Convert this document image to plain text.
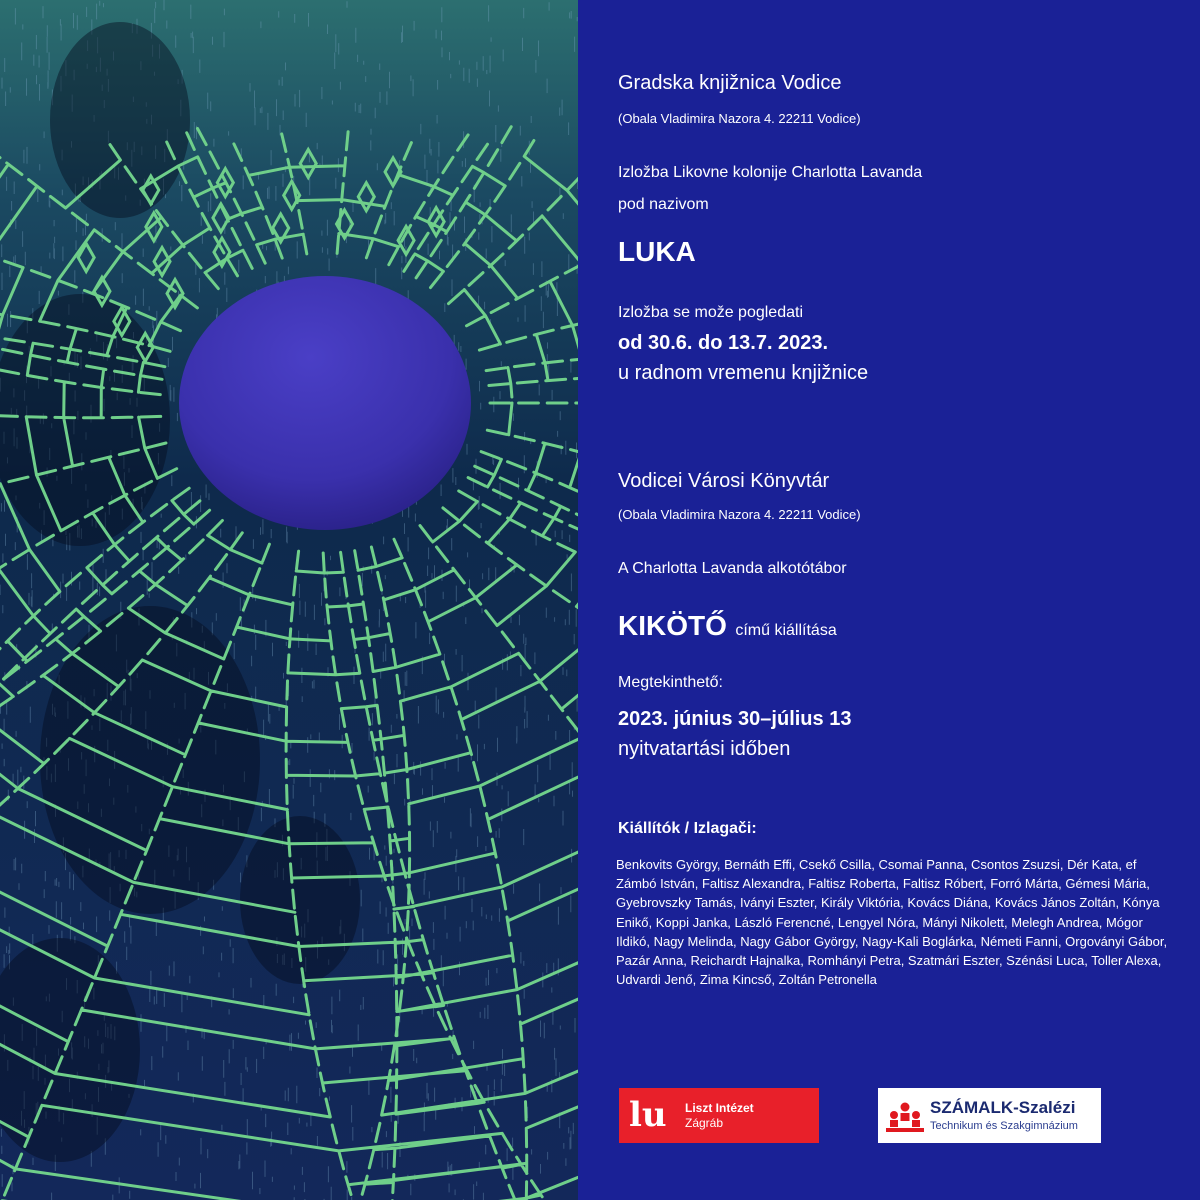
Gradska knjižnica Vodice
(Obala Vladimira Nazora 4. 22211 Vodice)
Izložba Likovne kolonije Charlotta Lavanda
pod nazivom
LUKA
Izložba se može pogledati
od 30.6. do 13.7. 2023.
u radnom vremenu knjižnice
Vodicei Városi Könyvtár
(Obala Vladimira Nazora 4. 22211 Vodice)
A Charlotta Lavanda alkotótábor
KIKÖTŐ című kiállítása
Megtekinthető:
2023. június 30–július 13
nyitvatartási időben
Kiállítók / Izlagači:

Benkovits György, Bernáth Effi, Csekő Csilla, Csomai Panna, Csontos Zsuzsi, Dér Kata, ef Zámbó István, Faltisz Alexandra, Faltisz Roberta, Faltisz Róbert, Forró Márta, Gémesi Mária, Gyebrovszky Tamás, Iványi Eszter, Király Viktória, Kovács Diána, Kovács János Zoltán, Kónya Enikő, Koppi Janka, László Ferencné, Lengyel Nóra, Mányi Nikolett, Melegh Andrea, Mógor Ildikó, Nagy Melinda, Nagy Gábor György, Nagy-Kali Boglárka, Németi Fanni, Orgoványi Gábor, Pazár Anna, Reichardt Hajnalka, Romhányi Petra, Szatmári Eszter, Szénási Luca, Toller Alexa, Udvardi Jenő, Zima Kincső, Zoltán Petronella

lu Liszt Intézet
Zágráb
SZÁMALK-Szalézi
Technikum és Szakgimnázium
